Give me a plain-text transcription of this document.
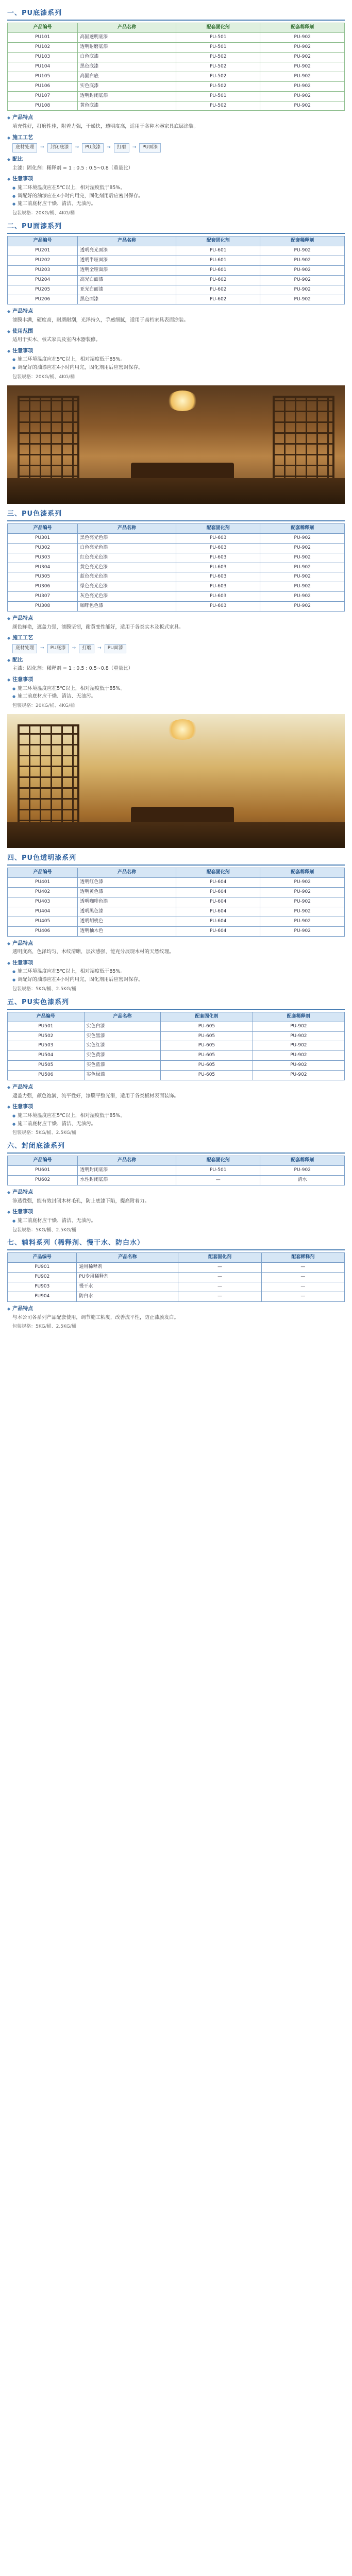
一、PU底漆系列
产品编号	产品名称	配套固化剂	配套稀释剂
PU101	高固透明底漆	PU-501	PU-902
PU102	透明耐磨底漆	PU-501	PU-902
PU103	白色底漆	PU-502	PU-902
PU104	黑色底漆	PU-502	PU-902
PU105	高固白底	PU-502	PU-902
PU106	实色底漆	PU-502	PU-902
PU107	透明封闭底漆	PU-501	PU-902
PU108	黄色底漆	PU-502	PU-902
◆ 产品特点
填充性好，打磨性佳，附着力强，干燥快，透明度高，适用于各种木器家具底层涂装。
◆ 施工工艺
底材处理	→	封闭底漆	→	PU底漆	→	打磨	→	PU面漆
◆ 配比
主漆：固化剂：稀释剂 = 1 : 0.5 : 0.5~0.8（重量比）
◆ 注意事项
● 施工环境温度应在5℃以上，相对湿度低于85%。
● 调配好的油漆应在4小时内用完，固化剂用后应密封保存。
● 施工前底材应干燥、清洁、无油污。
包装规格：20KG/桶、4KG/桶
二、PU面漆系列
产品编号	产品名称	配套固化剂	配套稀释剂
PU201	透明亮光面漆	PU-601	PU-902
PU202	透明半哑面漆	PU-601	PU-902
PU203	透明全哑面漆	PU-601	PU-902
PU204	高光白面漆	PU-602	PU-902
PU205	亚光白面漆	PU-602	PU-902
PU206	黑色面漆	PU-602	PU-902
◆ 产品特点
漆膜丰满，硬度高，耐磨耐刮，光泽持久，手感细腻，适用于高档家具表面涂装。
◆ 使用范围
适用于实木、板式家具及室内木器装修。
◆ 注意事项
● 施工环境温度应在5℃以上，相对湿度低于85%。
● 调配好的油漆应在4小时内用完，固化剂用后应密封保存。
包装规格：20KG/桶、4KG/桶
三、PU色漆系列
产品编号	产品名称	配套固化剂	配套稀释剂
PU301	黑色亮光色漆	PU-603	PU-902
PU302	白色亮光色漆	PU-603	PU-902
PU303	红色亮光色漆	PU-603	PU-902
PU304	黄色亮光色漆	PU-603	PU-902
PU305	蓝色亮光色漆	PU-603	PU-902
PU306	绿色亮光色漆	PU-603	PU-902
PU307	灰色亮光色漆	PU-603	PU-902
PU308	咖啡色色漆	PU-603	PU-902
◆ 产品特点
颜色鲜艳，遮盖力强，漆膜坚韧，耐黄变性能好，适用于各类实木及板式家具。
◆ 施工工艺
底材处理	→	PU底漆	→	打磨	→	PU面漆
◆ 配比
主漆：固化剂：稀释剂 = 1 : 0.5 : 0.5~0.8（重量比）
◆ 注意事项
● 施工环境温度应在5℃以上，相对湿度低于85%。
● 施工前底材应干燥、清洁、无油污。
包装规格：20KG/桶、4KG/桶
四、PU色透明漆系列
产品编号	产品名称	配套固化剂	配套稀释剂
PU401	透明红色漆	PU-604	PU-902
PU402	透明黄色漆	PU-604	PU-902
PU403	透明咖啡色漆	PU-604	PU-902
PU404	透明黑色漆	PU-604	PU-902
PU405	透明胡桃色	PU-604	PU-902
PU406	透明柚木色	PU-604	PU-902
◆ 产品特点
透明度高，色泽均匀，木纹清晰，层次感强，能充分展现木材的天然纹理。
◆ 注意事项
● 施工环境温度应在5℃以上，相对湿度低于85%。
● 调配好的油漆应在4小时内用完，固化剂用后应密封保存。
包装规格：5KG/桶、2.5KG/桶
五、PU实色漆系列
产品编号	产品名称	配套固化剂	配套稀释剂
PU501	实色白漆	PU-605	PU-902
PU502	实色黑漆	PU-605	PU-902
PU503	实色红漆	PU-605	PU-902
PU504	实色黄漆	PU-605	PU-902
PU505	实色蓝漆	PU-605	PU-902
PU506	实色绿漆	PU-605	PU-902
◆ 产品特点
遮盖力强，颜色饱满，流平性好，漆膜平整光滑，适用于各类板材表面装饰。
◆ 注意事项
● 施工环境温度应在5℃以上，相对湿度低于85%。
● 施工前底材应干燥、清洁、无油污。
包装规格：5KG/桶、2.5KG/桶
六、封闭底漆系列
产品编号	产品名称	配套固化剂	配套稀释剂
PU601	透明封闭底漆	PU-501	PU-902
PU602	水性封闭底漆	—	清水
◆ 产品特点
渗透性强，能有效封闭木材毛孔，防止底漆下陷，提高附着力。
◆ 注意事项
● 施工前底材应干燥、清洁、无油污。
包装规格：5KG/桶、2.5KG/桶
七、辅料系列（稀释剂、慢干水、防白水）
产品编号	产品名称	配套固化剂	配套稀释剂
PU901	通用稀释剂	—	—
PU902	PU专用稀释剂	—	—
PU903	慢干水	—	—
PU904	防白水	—	—
◆ 产品特点
与本公司各系列产品配套使用，调节施工粘度，改善流平性，防止漆膜发白。
包装规格：5KG/桶、2.5KG/桶
